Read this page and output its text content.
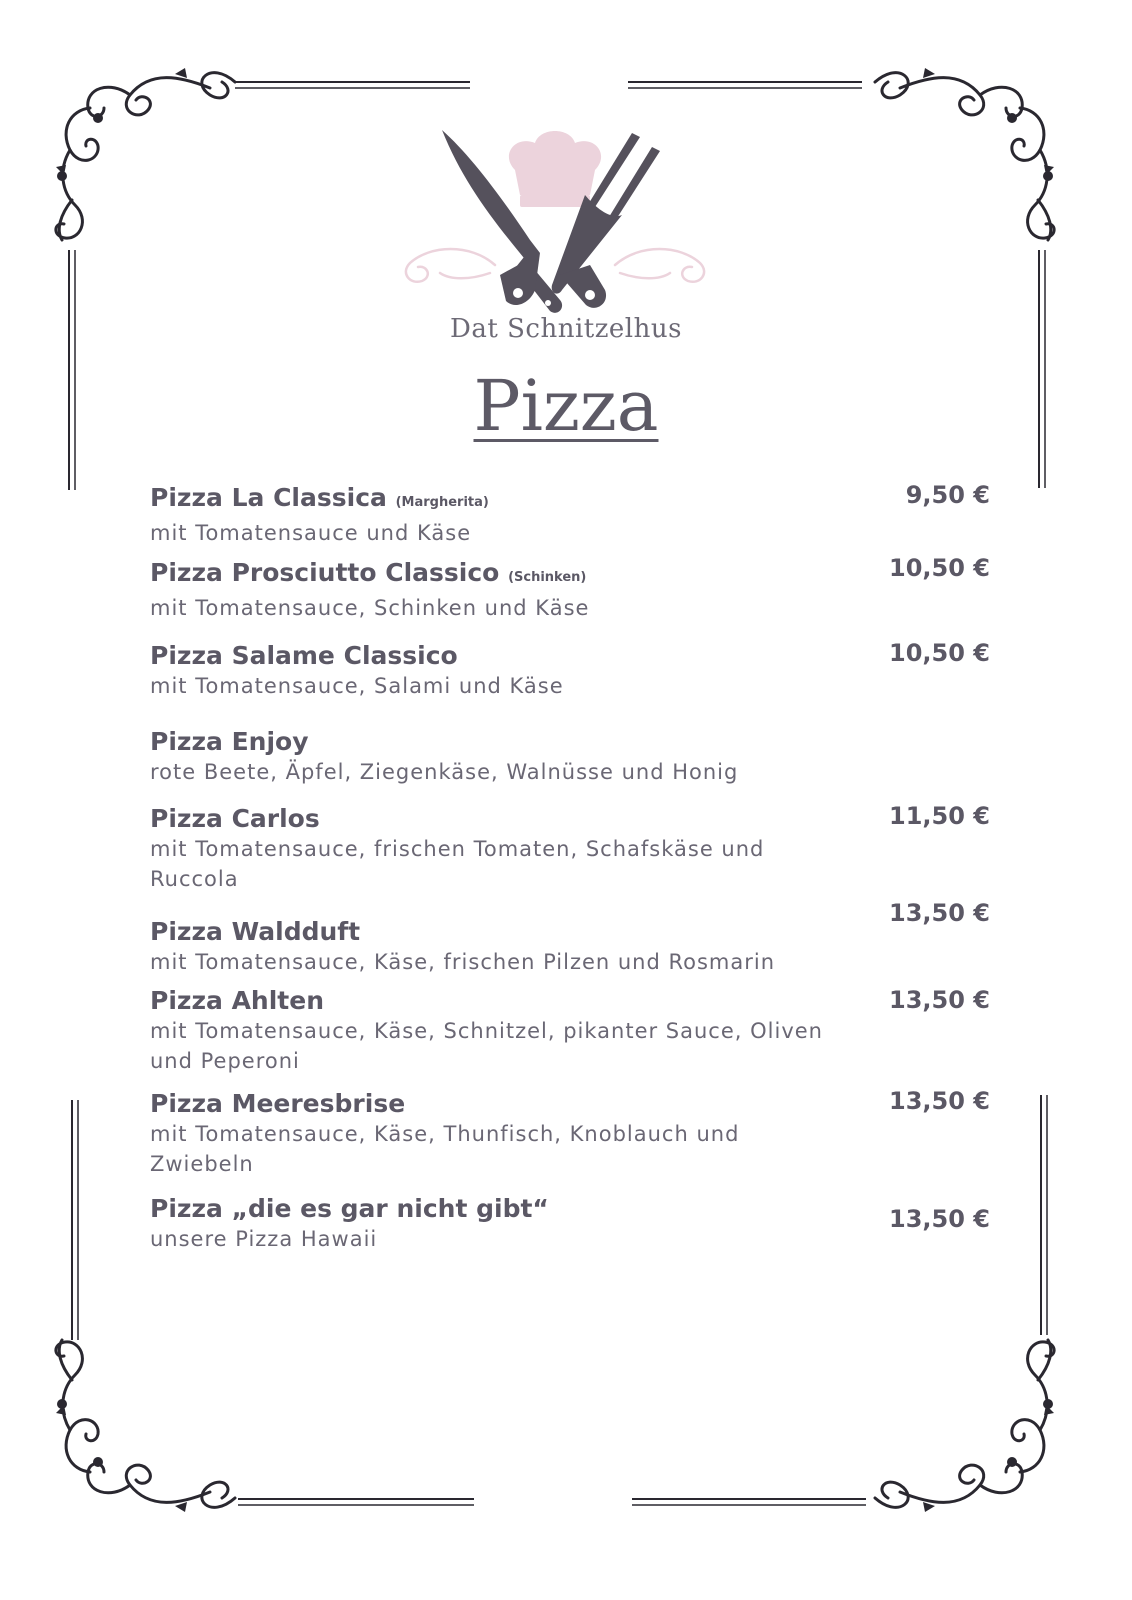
Dat Schnitzelhus
Pizza
Pizza La Classica (Margherita)
mit Tomatensauce und Käse
9,50 €
Pizza Prosciutto Classico (Schinken)
mit Tomatensauce, Schinken und Käse
10,50 €
Pizza Salame Classico
mit Tomatensauce, Salami und Käse
10,50 €
Pizza Enjoy
rote Beete, Äpfel, Ziegenkäse, Walnüsse und Honig
Pizza Carlos
mit Tomatensauce, frischen Tomaten, Schafskäse und Ruccola
11,50 €
Pizza Waldduft
mit Tomatensauce, Käse, frischen Pilzen und Rosmarin
13,50 €
Pizza Ahlten
mit Tomatensauce, Käse, Schnitzel, pikanter Sauce, Oliven und Peperoni
13,50 €
Pizza Meeresbrise
mit Tomatensauce, Käse, Thunfisch, Knoblauch und Zwiebeln
13,50 €
Pizza „die es gar nicht gibt“
unsere Pizza Hawaii
13,50 €
